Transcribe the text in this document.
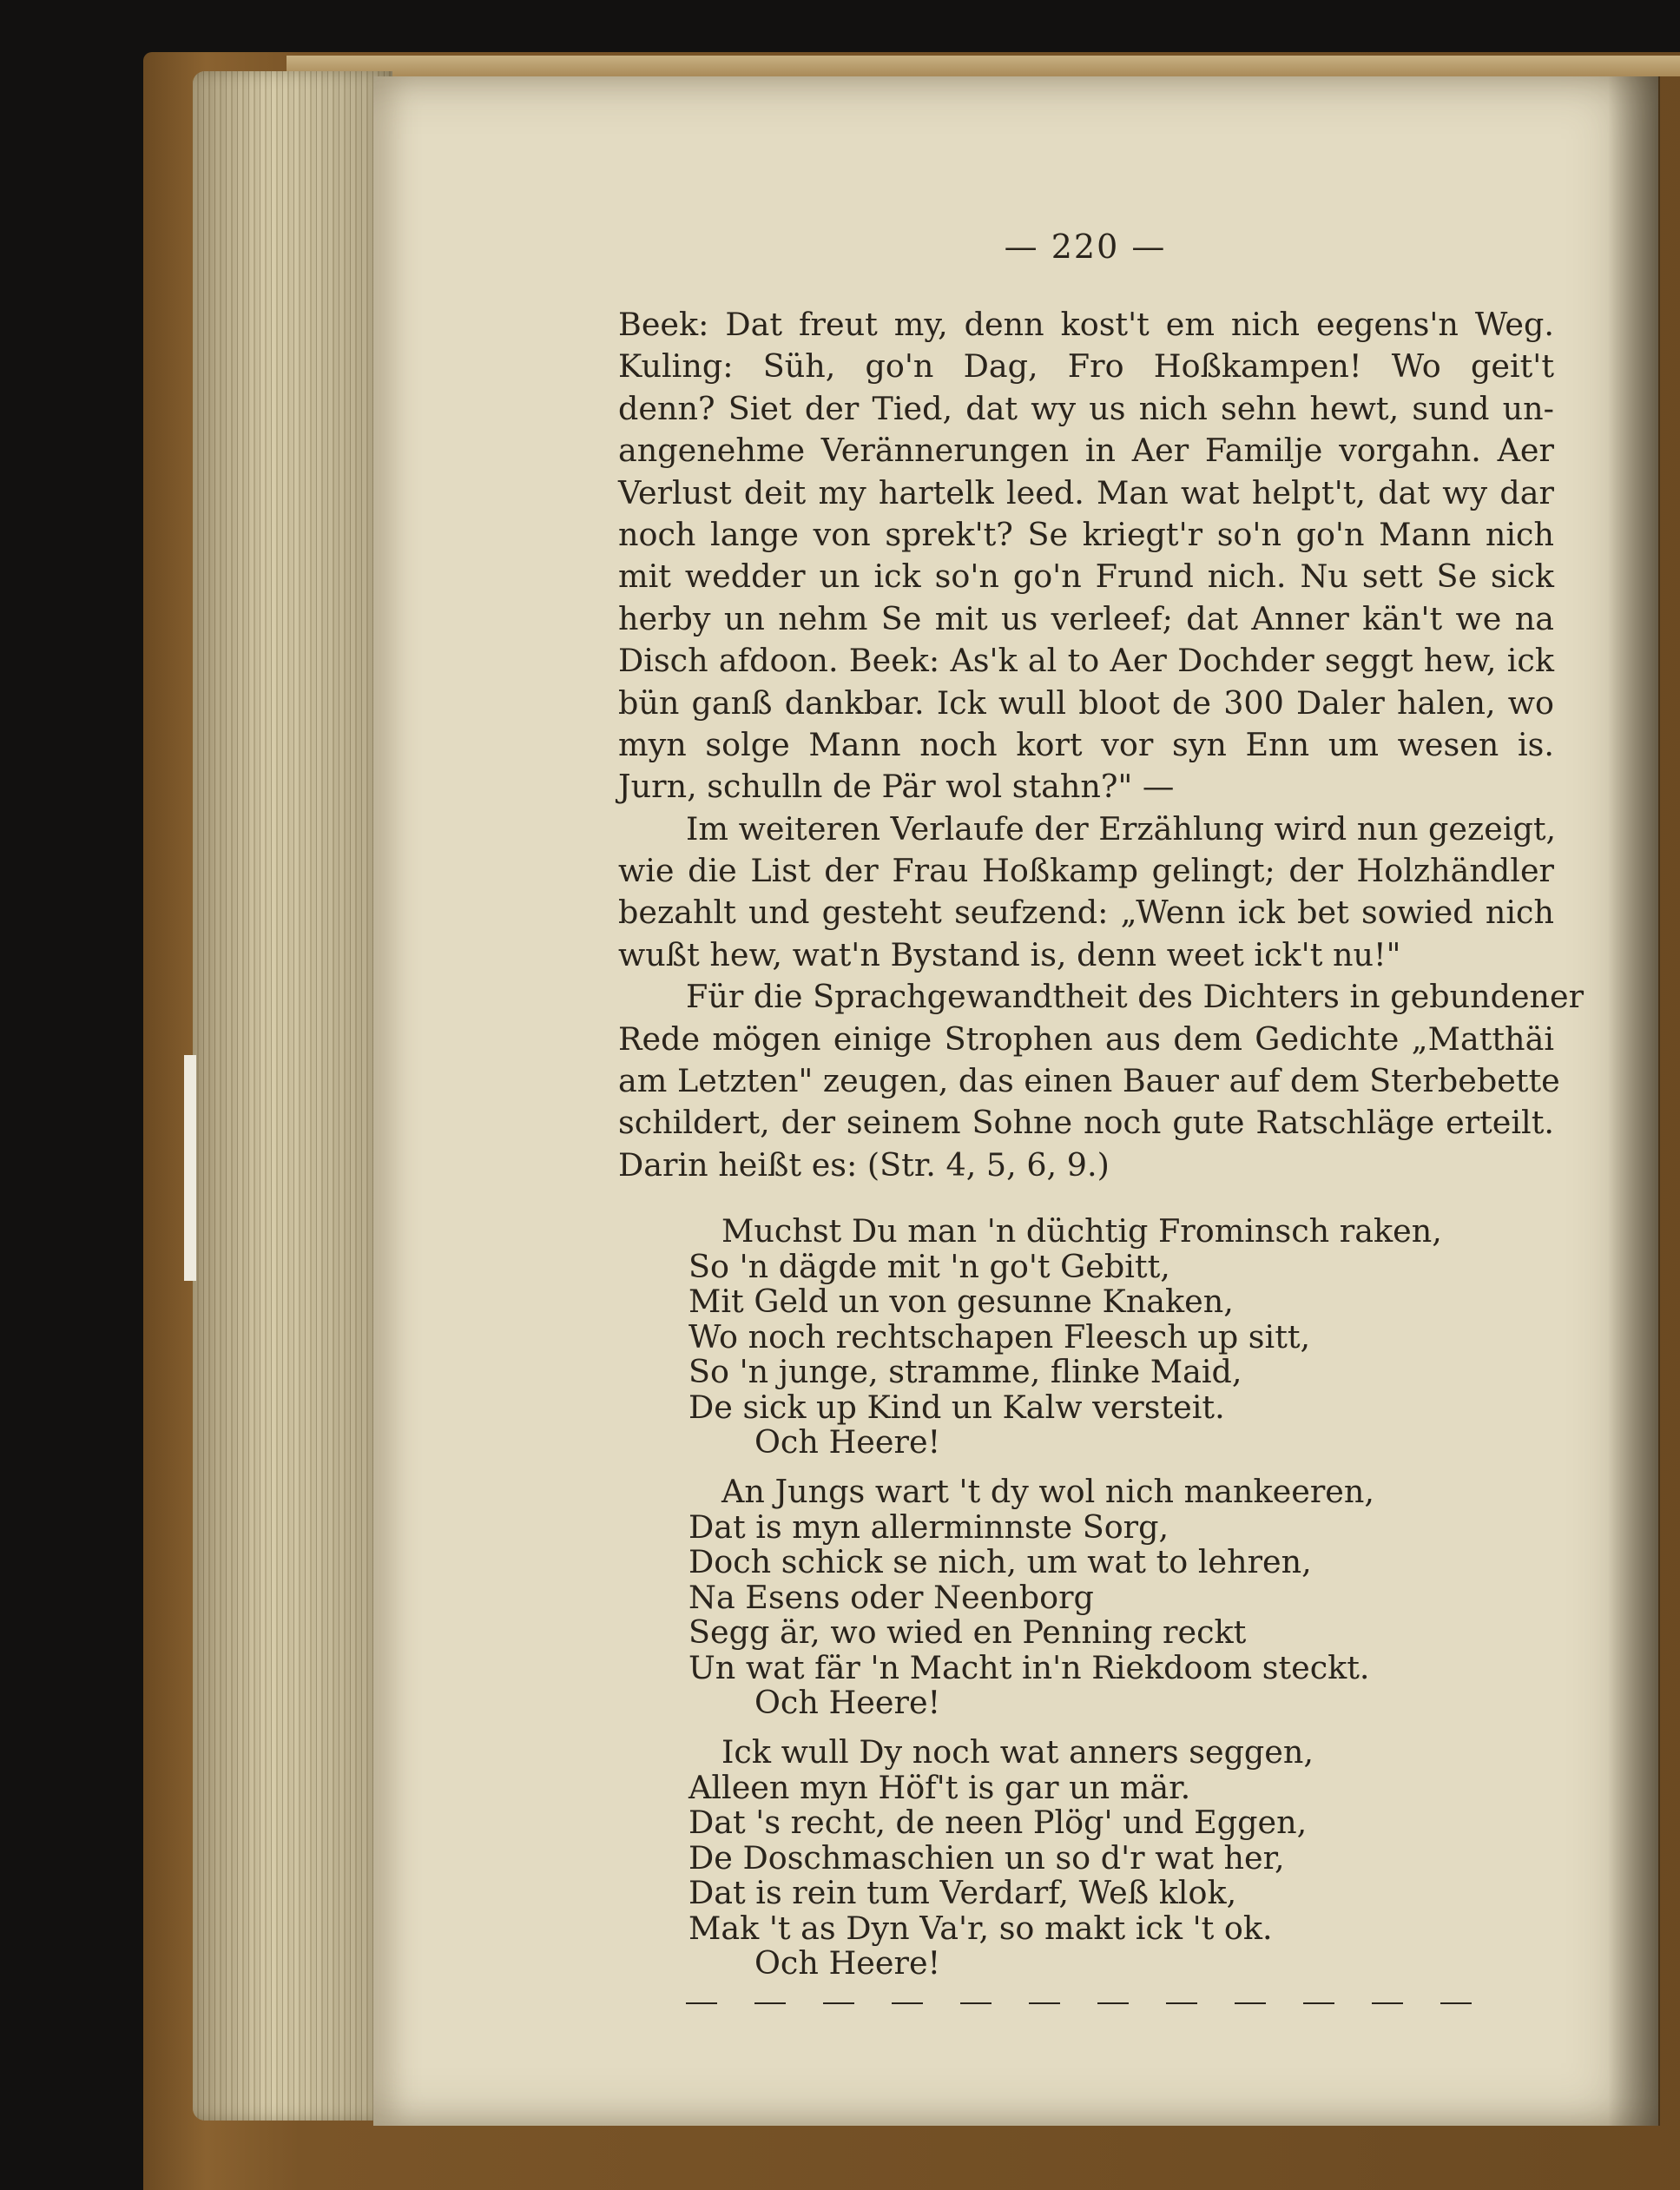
— 220 —
Beek: Dat freut my, denn kost't em nich eegens'n Weg.
Kuling: Süh, go'n Dag, Fro Hoßkampen! Wo geit't
denn? Siet der Tied, dat wy us nich sehn hewt, sund un-
angenehme Verännerungen in Aer Familje vorgahn. Aer
Verlust deit my hartelk leed. Man wat helpt't, dat wy dar
noch lange von sprek't? Se kriegt'r so'n go'n Mann nich
mit wedder un ick so'n go'n Frund nich. Nu sett Se sick
herby un nehm Se mit us verleef; dat Anner kän't we na
Disch afdoon. Beek: As'k al to Aer Dochder seggt hew, ick
bün ganß dankbar. Ick wull bloot de 300 Daler halen, wo
myn solge Mann noch kort vor syn Enn um wesen is.
Jurn, schulln de Pär wol stahn?" —
Im weiteren Verlaufe der Erzählung wird nun gezeigt,
wie die List der Frau Hoßkamp gelingt; der Holzhändler
bezahlt und gesteht seufzend: „Wenn ick bet sowied nich
wußt hew, wat'n Bystand is, denn weet ick't nu!"
Für die Sprachgewandtheit des Dichters in gebundener
Rede mögen einige Strophen aus dem Gedichte „Matthäi
am Letzten" zeugen, das einen Bauer auf dem Sterbebette
schildert, der seinem Sohne noch gute Ratschläge erteilt.
Darin heißt es: (Str. 4, 5, 6, 9.)
Muchst Du man 'n düchtig Frominsch raken,
So 'n dägde mit 'n go't Gebitt,
Mit Geld un von gesunne Knaken,
Wo noch rechtschapen Fleesch up sitt,
So 'n junge, stramme, flinke Maid,
De sick up Kind un Kalw versteit.
Och Heere!
An Jungs wart 't dy wol nich mankeeren,
Dat is myn allerminnste Sorg,
Doch schick se nich, um wat to lehren,
Na Esens oder Neenborg
Segg är, wo wied en Penning reckt
Un wat fär 'n Macht in'n Riekdoom steckt.
Och Heere!
Ick wull Dy noch wat anners seggen,
Alleen myn Höf't is gar un mär.
Dat 's recht, de neen Plög' und Eggen,
De Doschmaschien un so d'r wat her,
Dat is rein tum Verdarf, Weß klok,
Mak 't as Dyn Va'r, so makt ick 't ok.
Och Heere!
